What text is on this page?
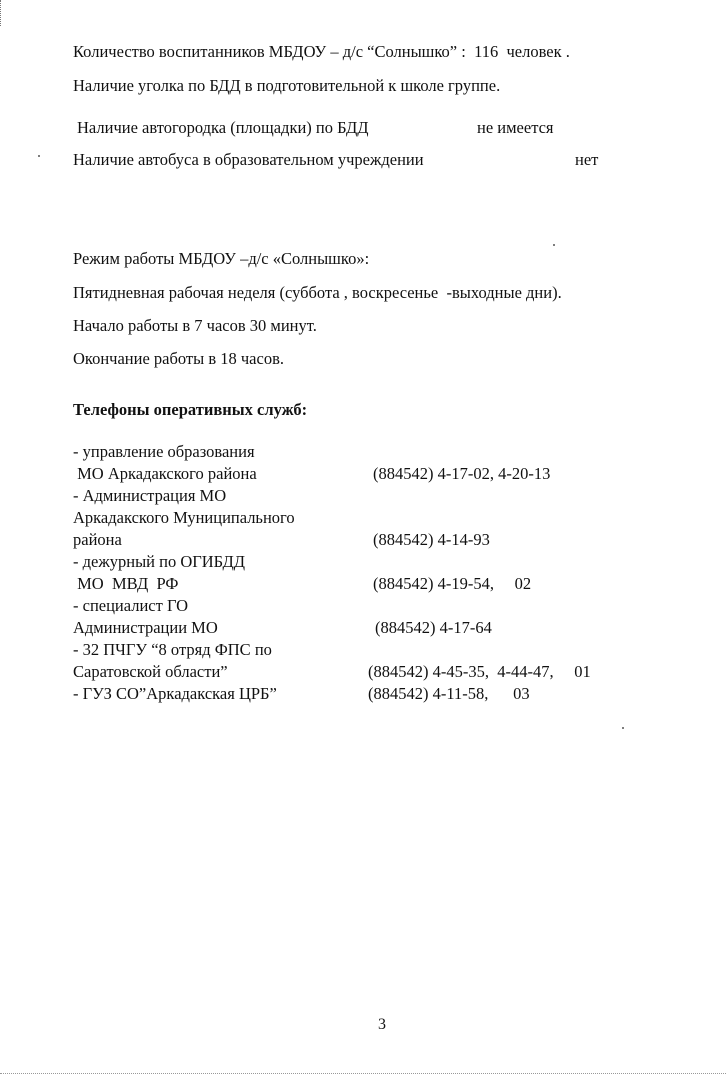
Количество воспитанников МБДОУ – д/с “Солнышко” :  116  человек .
Наличие уголка по БДД в подготовительной к школе группе.
Наличие автогородка (площадки) по БДД	не имеется
Наличие автобуса в образовательном учреждении	нет
Режим работы МБДОУ –д/с «Солнышко»:
Пятидневная рабочая неделя (суббота , воскресенье  -выходные дни).
Начало работы в 7 часов 30 минут.
Окончание работы в 18 часов.
Телефоны оперативных служб:
- управление образования
МО Аркадакского района	(884542) 4-17-02, 4-20-13
- Администрация МО
Аркадакского Муниципального
района	(884542) 4-14-93
- дежурный по ОГИБДД
МО  МВД  РФ	(884542) 4-19-54,     02
- специалист ГО
Администрации МО	(884542) 4-17-64
- 32 ПЧГУ “8 отряд ФПС по
Саратовской области”	(884542) 4-45-35,  4-44-47,     01
- ГУЗ СО”Аркадакская ЦРБ”	(884542) 4-11-58,      03
3
